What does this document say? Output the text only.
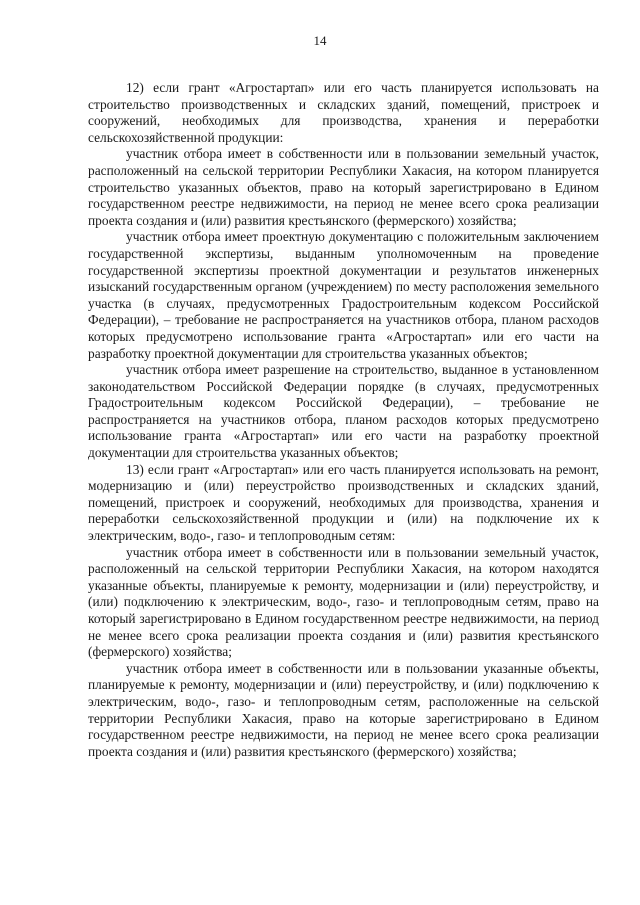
14

12) если грант «Агростартап» или его часть планируется использовать на строительство производственных и складских зданий, помещений, пристроек и сооружений, необходимых для производства, хранения и переработки сельскохозяйственной продукции:

участник отбора имеет в собственности или в пользовании земельный участок, расположенный на сельской территории Республики Хакасия, на котором планируется строительство указанных объектов, право на который зарегистрировано в Едином государственном реестре недвижимости, на период не менее всего срока реализации проекта создания и (или) развития крестьянского (фермерского) хозяйства;

участник отбора имеет проектную документацию с положительным заключением государственной экспертизы, выданным уполномоченным на проведение государственной экспертизы проектной документации и результатов инженерных изысканий государственным органом (учреждением) по месту расположения земельного участка (в случаях, предусмотренных Градостроительным кодексом Российской Федерации), – требование не распространяется на участников отбора, планом расходов которых предусмотрено использование гранта «Агростартап» или его части на разработку проектной документации для строительства указанных объектов;

участник отбора имеет разрешение на строительство, выданное в установленном законодательством Российской Федерации порядке (в случаях, предусмотренных Градостроительным кодексом Российской Федерации), – требование не распространяется на участников отбора, планом расходов которых предусмотрено использование гранта «Агростартап» или его части на разработку проектной документации для строительства указанных объектов;

13) если грант «Агростартап» или его часть планируется использовать на ремонт, модернизацию и (или) переустройство производственных и складских зданий, помещений, пристроек и сооружений, необходимых для производства, хранения и переработки сельскохозяйственной продукции и (или) на подключение их к электрическим, водо-, газо- и теплопроводным сетям:

участник отбора имеет в собственности или в пользовании земельный участок, расположенный на сельской территории Республики Хакасия, на котором находятся указанные объекты, планируемые к ремонту, модернизации и (или) переустройству, и (или) подключению к электрическим, водо-, газо- и теплопроводным сетям, право на который зарегистрировано в Едином государственном реестре недвижимости, на период не менее всего срока реализации проекта создания и (или) развития крестьянского (фермерского) хозяйства;

участник отбора имеет в собственности или в пользовании указанные объекты, планируемые к ремонту, модернизации и (или) переустройству, и (или) подключению к электрическим, водо-, газо- и теплопроводным сетям, расположенные на сельской территории Республики Хакасия, право на которые зарегистрировано в Едином государственном реестре недвижимости, на период не менее всего срока реализации проекта создания и (или) развития крестьянского (фермерского) хозяйства;
